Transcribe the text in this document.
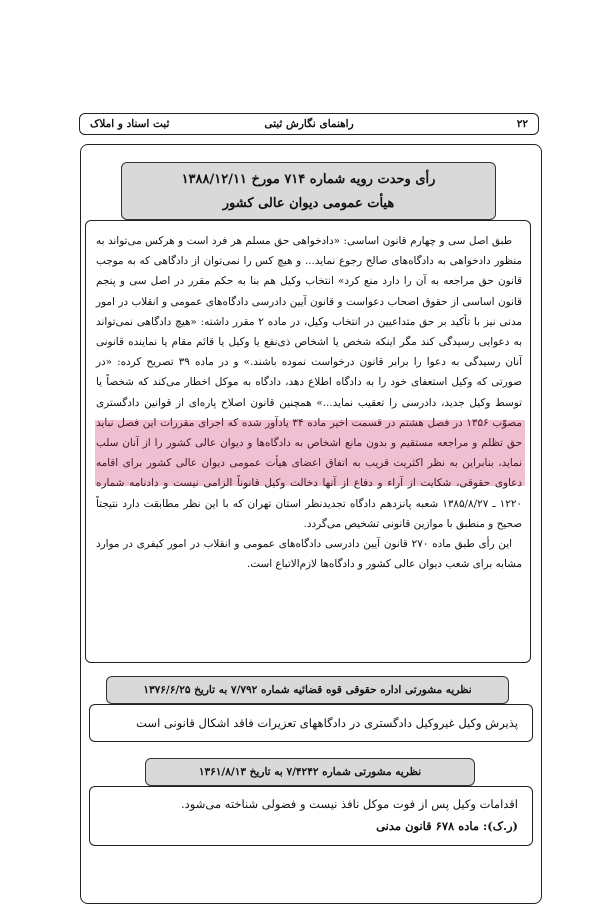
۲۲
راهنمای نگارش ثبتی
ثبت اسناد و املاک
رأی وحدت رویه شماره ۷۱۴ مورخ ۱۳۸۸/۱۲/۱۱
هیأت عمومی دیوان عالی کشور

طبق اصل سی و چهارم قانون اساسی: «دادخواهی حق مسلم هر فرد است و هرکس می‌تواند به منظور دادخواهی به دادگاه‌های صالح رجوع نماید... و هیچ کس را نمی‌توان از دادگاهی که به موجب قانون حق مراجعه به آن را دارد منع کرد» انتخاب وکیل هم بنا به حکم مقرر در اصل سی و پنجم قانون اساسی از حقوق اصحاب دعواست و قانون آیین دادرسی دادگاه‌های عمومی و انقلاب در امور مدنی نیز با تأکید بر حق متداعیین در انتخاب وکیل، در ماده ۲ مقرر داشته: «هیچ دادگاهی نمی‌تواند به دعوایی رسیدگی کند مگر اینکه شخص یا اشخاص ذی‌نفع یا وکیل یا قائم مقام یا نماینده قانونی آنان رسیدگی به دعوا را برابر قانون درخواست نموده باشند.» و در ماده ۳۹ تصریح کرده: «در صورتی که وکیل استعفای خود را به دادگاه اطلاع دهد، دادگاه به موکل اخطار می‌کند که شخصاً یا توسط وکیل جدید، دادرسی را تعقیب نماید...» همچنین قانون اصلاح پاره‌ای از قوانین دادگستری مصوّب ۱۳۵۶ در فصل هشتم در قسمت اخیر ماده ۳۴ یادآور شده که اجرای مقررات این فصل نباید حق تظلم و مراجعه مستقیم و بدون مانع اشخاص به دادگاه‌ها و دیوان عالی کشور را از آنان سلب نماید، بنابراین به نظر اکثریت قریب به اتفاق اعضای هیأت عمومی دیوان عالی کشور برای اقامه دعاوی حقوقی، شکایت از آراء و دفاع از آنها دخالت وکیل قانوناً الزامی نیست و دادنامه شماره ۱۲۲۰ ـ ۱۳۸۵/۸/۲۷ شعبه پانزدهم دادگاه تجدیدنظر استان تهران که با این نظر مطابقت دارد نتیجتاً صحیح و منطبق با موازین قانونی تشخیص می‌گردد.

این رأی طبق ماده ۲۷۰ قانون آیین دادرسی دادگاه‌های عمومی و انقلاب در امور کیفری در موارد مشابه برای شعب دیوان عالی کشور و دادگاه‌ها لازم‌الاتباع است.

نظریه مشورتی اداره حقوقی قوه قضائیه شماره ۷/۷۹۲ به تاریخ ۱۳۷۶/۶/۲۵
پذیرش وکیل غیروکیل دادگستری در دادگاههای تعزیرات فاقد اشکال قانونی است
نظریه مشورتی شماره ۷/۴۲۴۲ به تاریخ ۱۳۶۱/۸/۱۳
اقدامات وکیل پس از فوت موکل نافذ نیست و فضولی شناخته می‌شود.
(ر.ک): ماده ۶۷۸ قانون مدنی
